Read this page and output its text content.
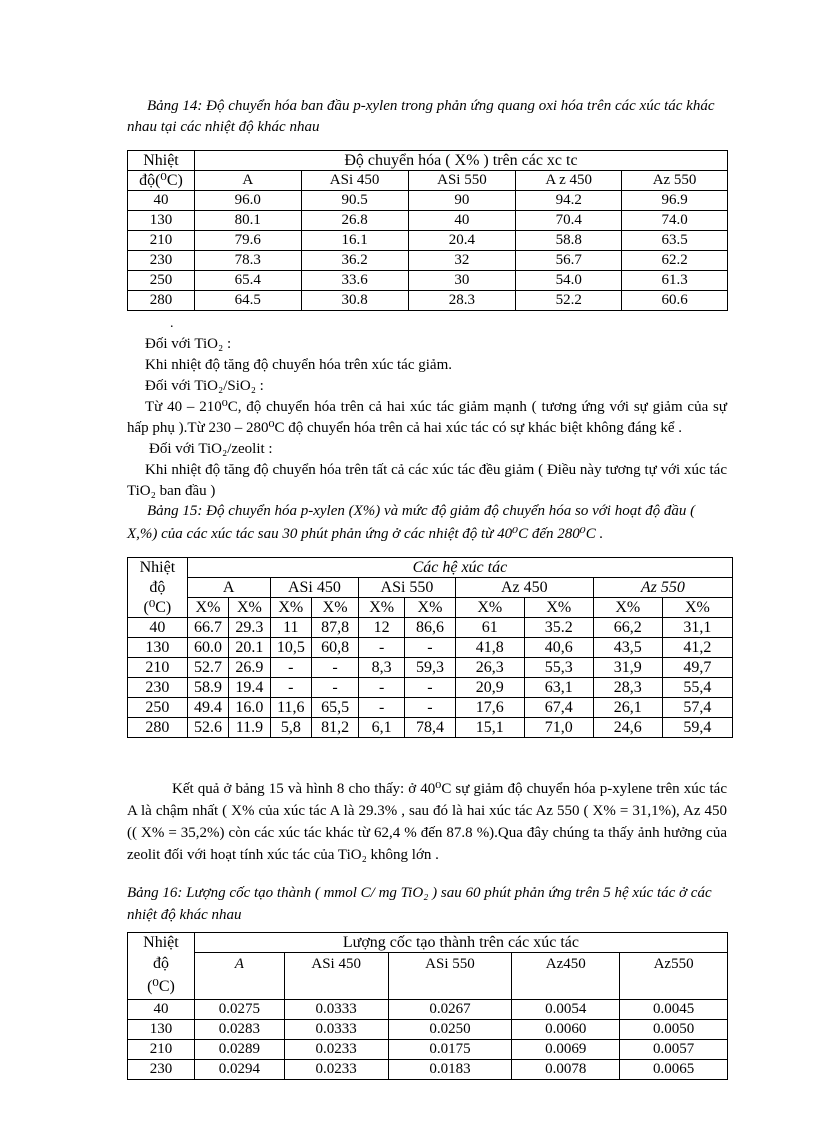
Bảng 14: Độ chuyển hóa ban đầu p-xylen trong phản ứng quang oxi hóa trên các xúc tác khác nhau tại các nhiệt độ khác nhau
Nhiệt	Độ chuyển hóa ( X% ) trên các xc tc				
độ(⁰C)	A	ASi 450	ASi 550	A z 450	Az 550
40	96.0	90.5	90	94.2	96.9
130	80.1	26.8	40	70.4	74.0
210	79.6	16.1	20.4	58.8	63.5
230	78.3	36.2	32	56.7	62.2
250	65.4	33.6	30	54.0	61.3
280	64.5	30.8	28.3	52.2	60.6
.

Đối với TiO₂ :

Khi nhiệt độ tăng độ chuyển hóa trên xúc tác giảm.

Đối với TiO₂/SiO₂ :

Từ 40 – 210⁰C, độ chuyển hóa trên cả hai xúc tác giảm mạnh ( tương ứng với sự giảm của sự hấp phụ ).Từ 230 – 280⁰C độ chuyển hóa trên cả hai xúc tác có sự khác biệt không đáng kể .

Đối với TiO₂/zeolit :

Khi nhiệt độ tăng độ chuyển hóa trên tất cả các xúc tác đều giảm ( Điều này tương tự với xúc tác TiO₂ ban đầu )

Bảng 15: Độ chuyển hóa p-xylen (X%) và mức độ giảm độ chuyển hóa so với hoạt độ đầu ( X,%) của các xúc tác sau 30 phút phản ứng ở các nhiệt độ từ 40⁰C đến 280⁰C .
Nhiệt	Các hệ xúc tác									
độ	A		ASi 450		ASi 550		Az 450		Az 550	
(⁰C)	X%	X%	X%	X%	X%	X%	X%	X%	X%	X%
40	66.7	29.3	11	87,8	12	86,6	61	35.2	66,2	31,1
130	60.0	20.1	10,5	60,8	-	-	41,8	40,6	43,5	41,2
210	52.7	26.9	-	-	8,3	59,3	26,3	55,3	31,9	49,7
230	58.9	19.4	-	-	-	-	20,9	63,1	28,3	55,4
250	49.4	16.0	11,6	65,5	-	-	17,6	67,4	26,1	57,4
280	52.6	11.9	5,8	81,2	6,1	78,4	15,1	71,0	24,6	59,4
Kết quả ở bảng 15 và hình 8 cho thấy: ở 40⁰C sự giảm độ chuyển hóa p-xylene trên xúc tác A là chậm nhất ( X% của xúc tác A là 29.3% , sau đó là hai xúc tác Az 550 ( X% = 31,1%), Az 450 (( X% = 35,2%) còn các xúc tác khác từ 62,4 % đến 87.8 %).Qua đây chúng ta thấy ảnh hưởng của zeolit đối với hoạt tính xúc tác của TiO₂ không lớn .
Bảng 16: Lượng cốc tạo thành ( mmol C/ mg TiO₂ ) sau 60 phút phản ứng trên 5 hệ xúc tác ở các nhiệt độ khác nhau
Nhiệt	Lượng cốc tạo thành trên các xúc tác				
độ	A	ASi 450	ASi 550	Az450	Az550
(⁰C)					
40	0.0275	0.0333	0.0267	0.0054	0.0045
130	0.0283	0.0333	0.0250	0.0060	0.0050
210	0.0289	0.0233	0.0175	0.0069	0.0057
230	0.0294	0.0233	0.0183	0.0078	0.0065
